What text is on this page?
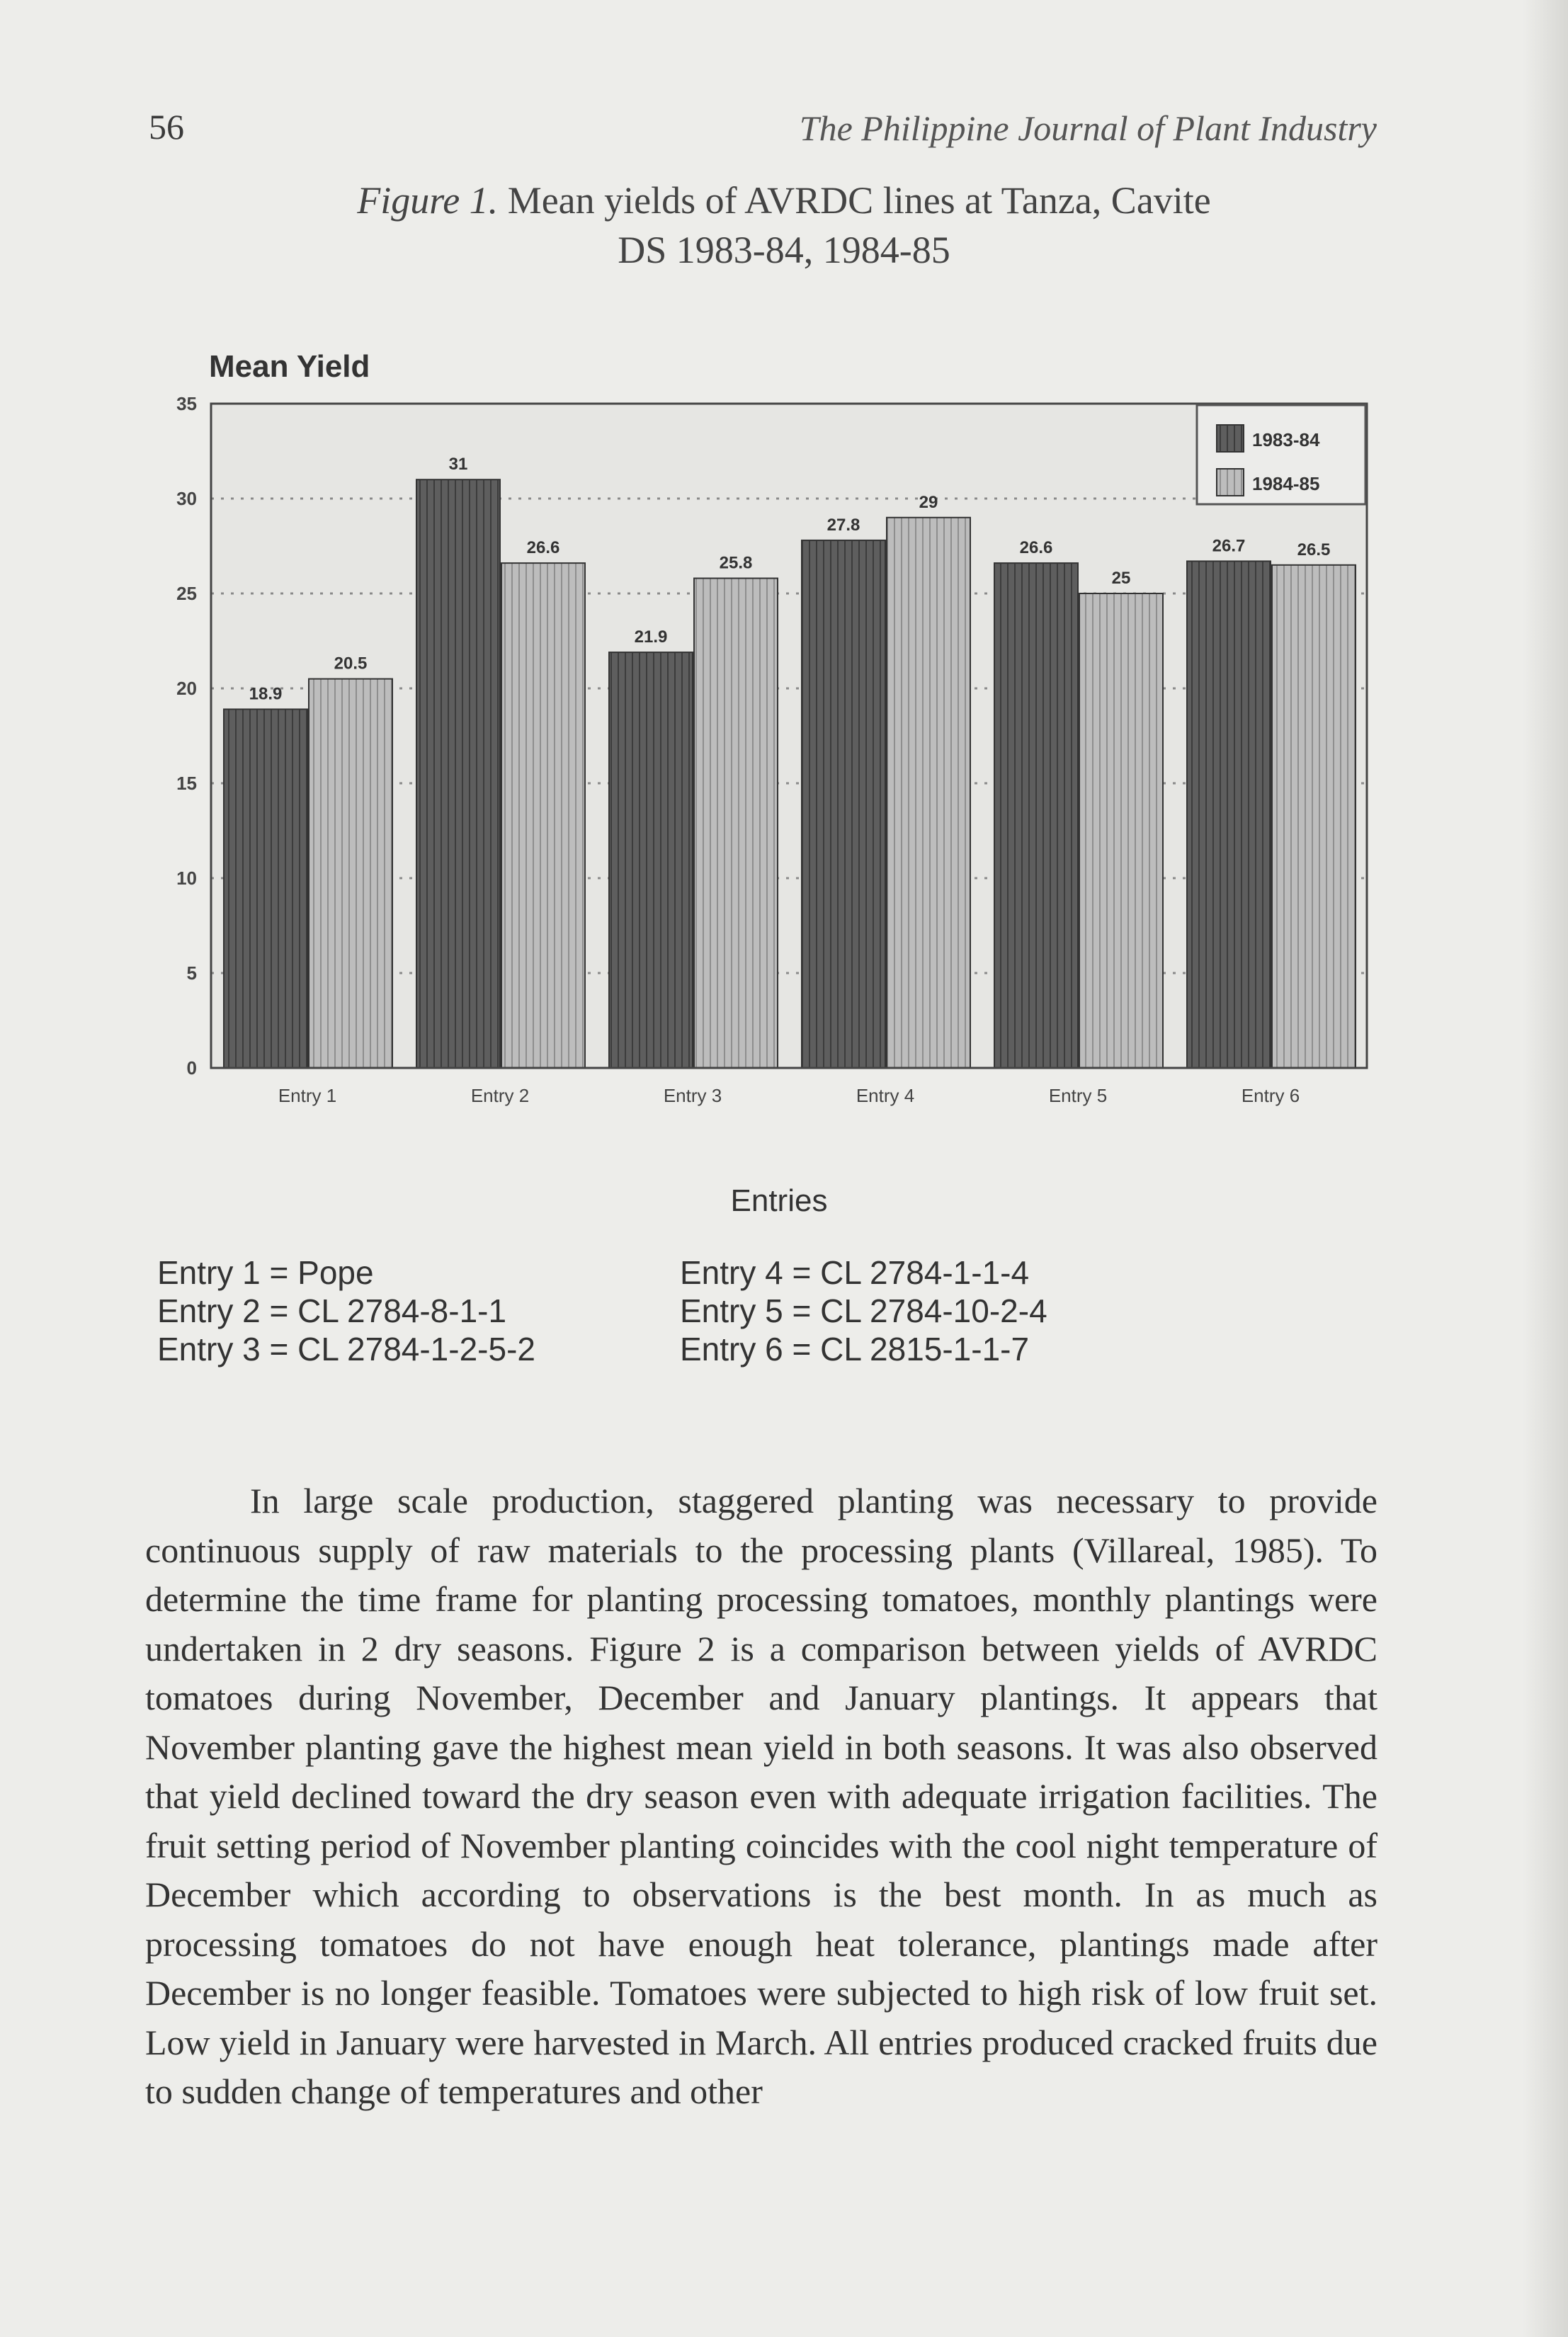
56	The Philippine Journal of Plant Industry
Figure 1. Mean yields of AVRDC lines at Tanza, Cavite
DS 1983-84, 1984-85
Mean Yield
0
5
10
15
20
25
30
35
18.9
20.5
Entry 1
31
26.6
Entry 2
21.9
25.8
Entry 3
27.8
29
Entry 4
26.6
25
Entry 5
26.7	26.5
Entry 6
1983-84
1984-85
Entries
Entry 1 = Pope
Entry 2 = CL 2784-8-1-1
Entry 3 = CL 2784-1-2-5-2
Entry 4 = CL 2784-1-1-4
Entry 5 = CL 2784-10-2-4
Entry 6 = CL 2815-1-1-7

In large scale production, staggered planting was necessary to provide continuous supply of raw materials to the processing plants (Villareal, 1985). To determine the time frame for planting processing tomatoes, monthly plantings were undertaken in 2 dry seasons. Figure 2 is a comparison between yields of AVRDC tomatoes during November, December and January plantings. It appears that November planting gave the highest mean yield in both seasons. It was also observed that yield declined toward the dry season even with adequate irrigation facilities. The fruit setting period of November planting coincides with the cool night temperature of December which according to observations is the best month. In as much as processing tomatoes do not have enough heat tolerance, plantings made after December is no longer feasible. Tomatoes were subjected to high risk of low fruit set. Low yield in January were harvested in March. All entries produced cracked fruits due to sudden change of temperatures and other
